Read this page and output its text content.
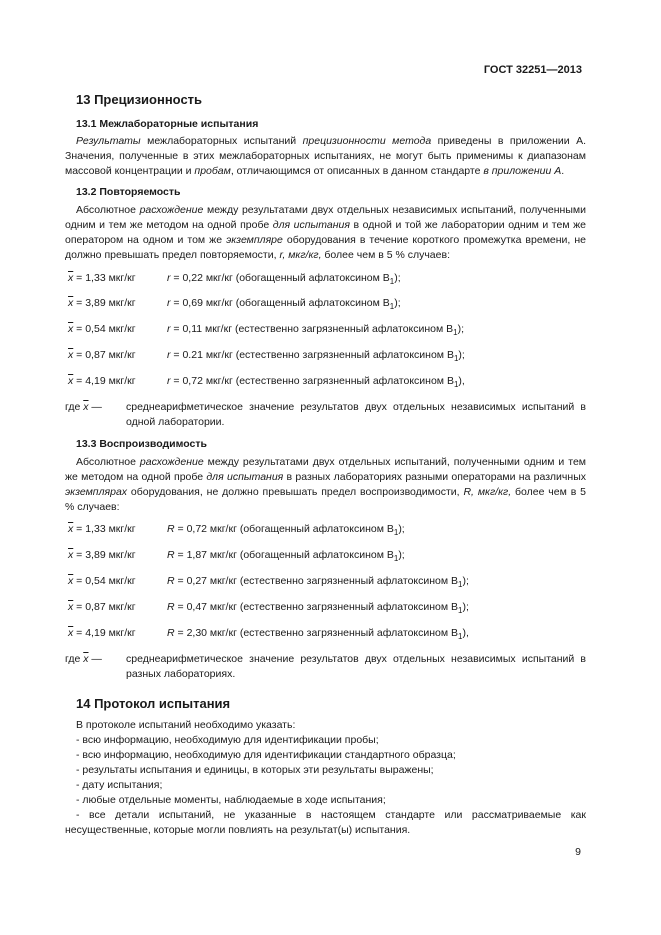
ГОСТ 32251—2013
13 Прецизионность
13.1 Межлабораторные испытания
Результаты межлабораторных испытаний прецизионности метода приведены в приложении А. Значения, полученные в этих межлабораторных испытаниях, не могут быть применимы к диапазонам массовой концентрации и пробам, отличающимся от описанных в данном стандарте в приложении А.
13.2 Повторяемость
Абсолютное расхождение между результатами двух отдельных независимых испытаний, полученными одним и тем же методом на одной пробе для испытания в одной и той же лаборатории одним и тем же оператором на одном и том же экземпляре оборудования в течение короткого промежутка времени, не должно превышать предел повторяемости, r, мкг/кг, более чем в 5 % случаев:
$\overline{x} = 1,33$ мкг/кг	r = 0,22 мкг/кг (обогащенный афлатоксином $В_1$);
$\overline{x} = 3,89$ мкг/кг	r = 0,69 мкг/кг (обогащенный афлатоксином $В_1$);
$\overline{x} = 0,54$ мкг/кг	r = 0,11 мкг/кг (естественно загрязненный афлатоксином $В_1$);
$\overline{x} = 0,87$ мкг/кг	r = 0.21 мкг/кг (естественно загрязненный афлатоксином $В_1$);
$\overline{x} = 4,19$ мкг/кг	r = 0,72 мкг/кг (естественно загрязненный афлатоксином $В_1$),
где $\overline{x}$ — среднеарифметическое значение результатов двух отдельных независимых испытаний в одной лаборатории.
13.3 Воспроизводимость
Абсолютное расхождение между результатами двух отдельных испытаний, полученными одним и тем же методом на одной пробе для испытания в разных лабораториях разными операторами на различных экземплярах оборудования, не должно превышать предел воспроизводимости, R, мкг/кг, более чем в 5 % случаев:
$\overline{x} = 1,33$ мкг/кг	R = 0,72 мкг/кг (обогащенный афлатоксином $В_1$);
$\overline{x} = 3,89$ мкг/кг	R = 1,87 мкг/кг (обогащенный афлатоксином $В_1$);
$\overline{x} = 0,54$ мкг/кг	R = 0,27 мкг/кг (естественно загрязненный афлатоксином $В_1$);
$\overline{x} = 0,87$ мкг/кг	R = 0,47 мкг/кг (естественно загрязненный афлатоксином $В_1$);
$\overline{x} = 4,19$ мкг/кг	R = 2,30 мкг/кг (естественно загрязненный афлатоксином $В_1$),
где $\overline{x}$ — среднеарифметическое значение результатов двух отдельных независимых испытаний в разных лабораториях.
14 Протокол испытания
В протоколе испытаний необходимо указать:
- всю информацию, необходимую для идентификации пробы;
- всю информацию, необходимую для идентификации стандартного образца;
- результаты испытания и единицы, в которых эти результаты выражены;
- дату испытания;
- любые отдельные моменты, наблюдаемые в ходе испытания;
- все детали испытаний, не указанные в настоящем стандарте или рассматриваемые как несущественные, которые могли повлиять на результат(ы) испытания.
9
